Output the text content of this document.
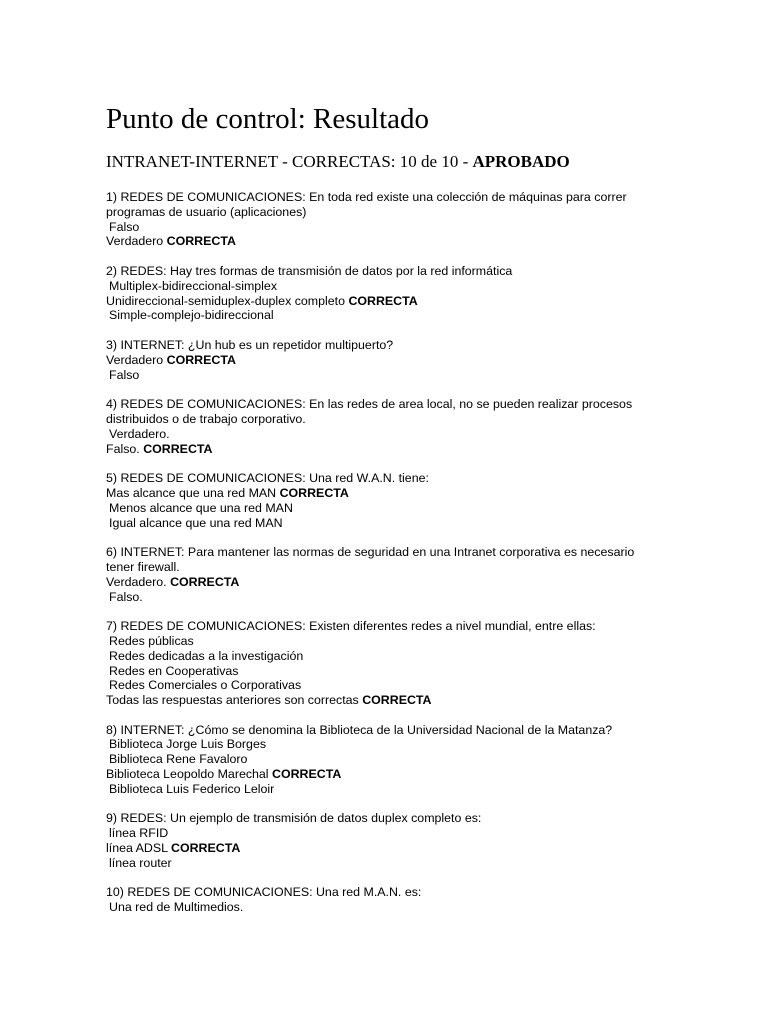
Punto de control: Resultado
INTRANET-INTERNET - CORRECTAS: 10 de 10 - APROBADO
1) REDES DE COMUNICACIONES: En toda red existe una colección de máquinas para correr programas de usuario (aplicaciones)
Falso
Verdadero CORRECTA
2) REDES: Hay tres formas de transmisión de datos por la red informática
Multiplex-bidireccional-simplex
Unidireccional-semiduplex-duplex completo CORRECTA
Simple-complejo-bidireccional
3) INTERNET: ¿Un hub es un repetidor multipuerto?
Verdadero CORRECTA
Falso
4) REDES DE COMUNICACIONES: En las redes de area local, no se pueden realizar procesos distribuidos o de trabajo corporativo.
Verdadero.
Falso. CORRECTA
5) REDES DE COMUNICACIONES: Una red W.A.N. tiene:
Mas alcance que una red MAN CORRECTA
Menos alcance que una red MAN
Igual alcance que una red MAN
6) INTERNET: Para mantener las normas de seguridad en una Intranet corporativa es necesario tener firewall.
Verdadero. CORRECTA
Falso.
7) REDES DE COMUNICACIONES: Existen diferentes redes a nivel mundial, entre ellas:
Redes públicas
Redes dedicadas a la investigación
Redes en Cooperativas
Redes Comerciales o Corporativas
Todas las respuestas anteriores son correctas CORRECTA
8) INTERNET: ¿Cómo se denomina la Biblioteca de la Universidad Nacional de la Matanza?
Biblioteca Jorge Luis Borges
Biblioteca Rene Favaloro
Biblioteca Leopoldo Marechal CORRECTA
Biblioteca Luis Federico Leloir
9) REDES: Un ejemplo de transmisión de datos duplex completo es:
línea RFID
línea ADSL CORRECTA
línea router
10) REDES DE COMUNICACIONES: Una red M.A.N. es:
Una red de Multimedios.
